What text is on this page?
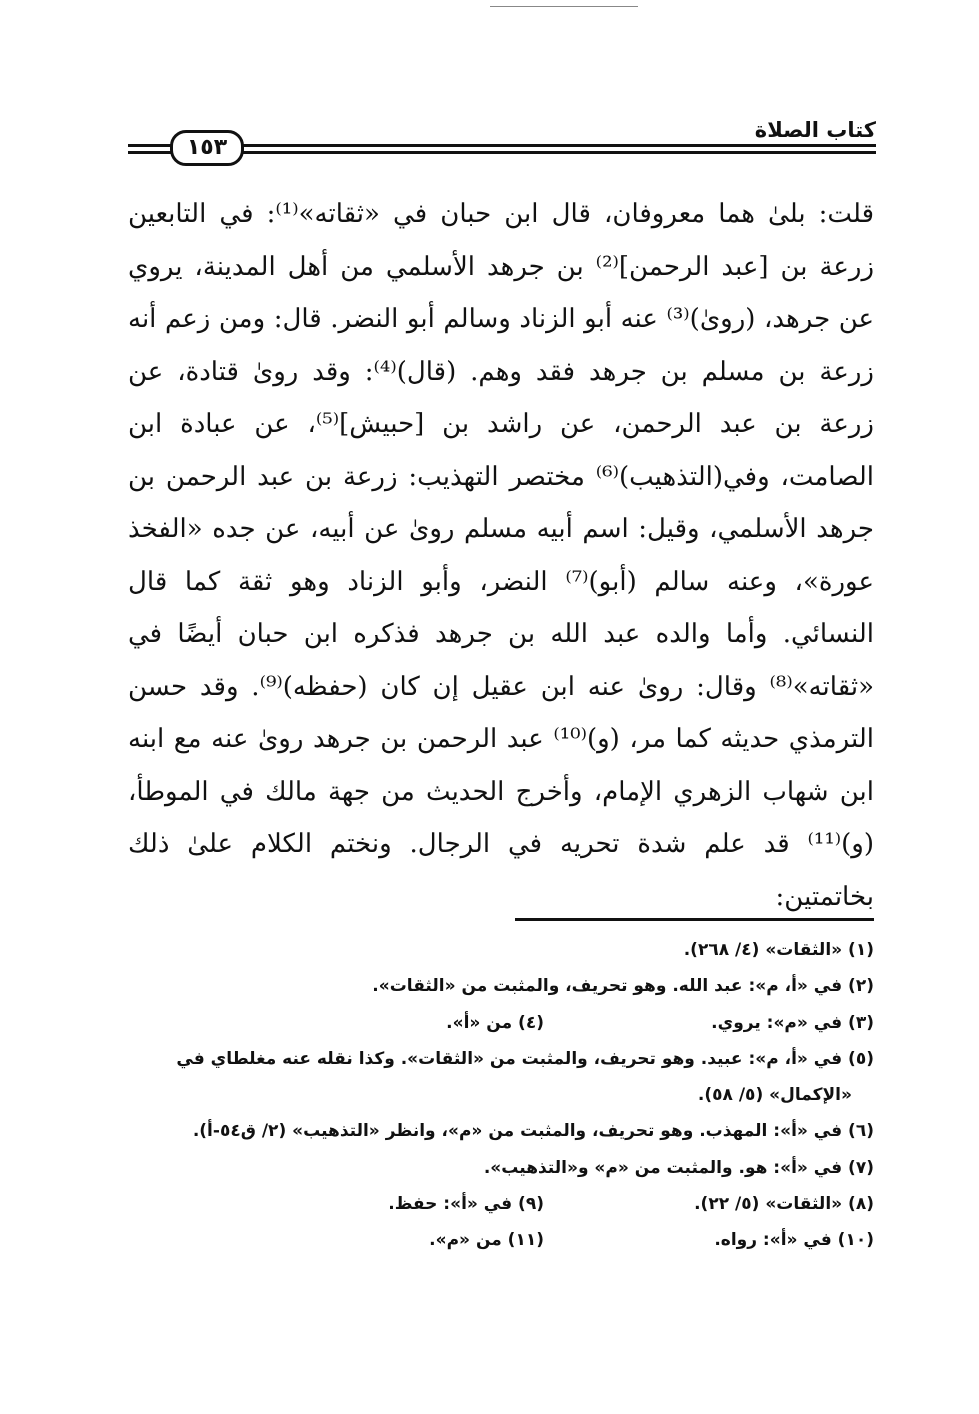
كتاب الصلاة
١٥٣

قلت: بلىٰ هما معروفان، قال ابن حبان في «ثقاته»⁽¹⁾: في التابعين زرعة بن [عبد الرحمن]⁽²⁾ بن جرهد الأسلمي من أهل المدينة، يروي عن جرهد، (روىٰ)⁽³⁾ عنه أبو الزناد وسالم أبو النضر. قال: ومن زعم أنه زرعة بن مسلم بن جرهد فقد وهم. (قال)⁽⁴⁾: وقد روىٰ قتادة، عن زرعة بن عبد الرحمن، عن راشد بن [حبيش]⁽⁵⁾، عن عبادة ابن الصامت، وفي(التذهيب)⁽⁶⁾ مختصر التهذيب: زرعة بن عبد الرحمن بن جرهد الأسلمي، وقيل: اسم أبيه مسلم روىٰ عن أبيه، عن جده «الفخذ عورة»، وعنه سالم (أبو)⁽⁷⁾ النضر، وأبو الزناد وهو ثقة كما قال النسائي. وأما والده عبد الله بن جرهد فذكره ابن حبان أيضًا في «ثقاته»⁽⁸⁾ وقال: روىٰ عنه ابن عقيل إن كان (حفظه)⁽⁹⁾. وقد حسن الترمذي حديثه كما مر، (و)⁽¹⁰⁾ عبد الرحمن بن جرهد روىٰ عنه مع ابنه ابن شهاب الزهري الإمام، وأخرج الحديث من جهة مالك في الموطأ، (و)⁽¹¹⁾ قد علم شدة تحريه في الرجال. ونختم الكلام علىٰ ذلك بخاتمتين:

(١) «الثقات» (٤/ ٢٦٨).
(٢) في «أ، م»: عبد الله. وهو تحريف، والمثبت من «الثقات».
(٣) في «م»: يروي.
(٤) من «أ».
(٥) في «أ، م»: عبيد. وهو تحريف، والمثبت من «الثقات». وكذا نقله عنه مغلطاي في
«الإكمال» (٥/ ٥٨).
(٦) في «أ»: المهذب. وهو تحريف، والمثبت من «م»، وانظر «التذهيب» (٢/ ق٥٤-أ).
(٧) في «أ»: هو. والمثبت من «م» و«التذهيب».
(٨) «الثقات» (٥/ ٢٢).
(٩) في «أ»: حفظ.
(١٠) في «أ»: رواه.
(١١) من «م».
